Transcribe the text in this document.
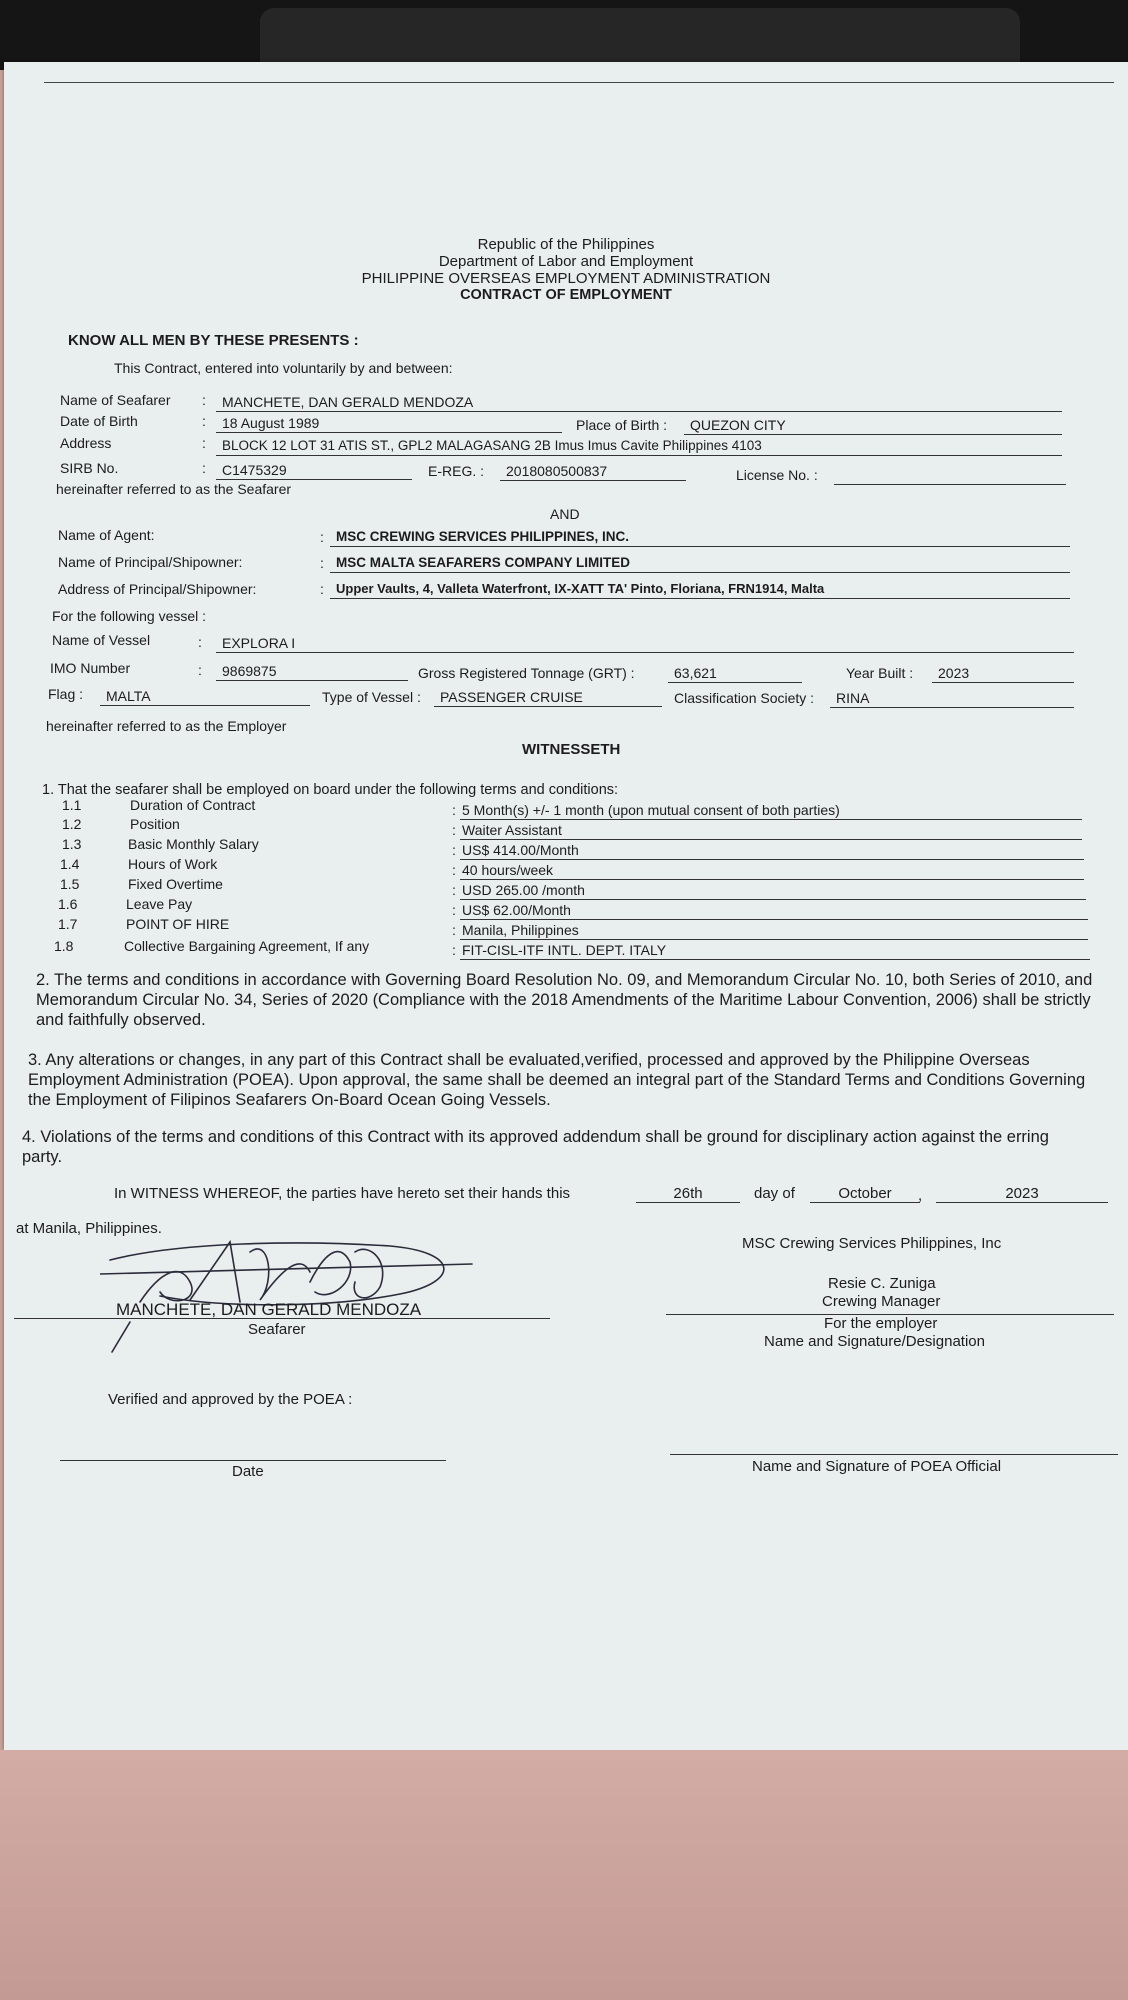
Republic of the Philippines
Department of Labor and Employment
PHILIPPINE OVERSEAS EMPLOYMENT ADMINISTRATION
CONTRACT OF EMPLOYMENT
KNOW ALL MEN BY THESE PRESENTS :
This Contract, entered into voluntarily by and between:
Name of Seafarer :	MANCHETE, DAN GERALD MENDOZA
Date of Birth	:	18 August 1989	Place of Birth :	QUEZON CITY
Address	:	BLOCK 12 LOT 31 ATIS ST., GPL2 MALAGASANG 2B Imus Imus Cavite Philippines 4103
SIRB No.	:	C1475329	E-REG. :	2018080500837	License No. :
hereinafter referred to as the Seafarer
AND
Name of Agent:	: MSC CREWING SERVICES PHILIPPINES, INC.
Name of Principal/Shipowner:	: MSC MALTA SEAFARERS COMPANY LIMITED
Address of Principal/Shipowner:	: Upper Vaults, 4, Valleta Waterfront, IX-XATT TA' Pinto, Floriana, FRN1914, Malta
For the following vessel :
Name of Vessel	:	EXPLORA I
IMO Number	:	9869875	Gross Registered Tonnage (GRT) :	63,621	Year Built :	2023
Flag :	MALTA	Type of Vessel :	PASSENGER CRUISE	Classification Society :	RINA
hereinafter referred to as the Employer
WITNESSETH
1. That the seafarer shall be employed on board under the following terms and conditions:
1.1	Duration of Contract	: 5 Month(s) +/- 1 month (upon mutual consent of both parties)
1.2	Position	: Waiter Assistant
1.3	Basic Monthly Salary	: US$ 414.00/Month
1.4	Hours of Work	: 40 hours/week
1.5	Fixed Overtime	: USD 265.00 /month
1.6	Leave Pay	: US$ 62.00/Month
1.7	POINT OF HIRE	: Manila, Philippines
1.8	Collective Bargaining Agreement, If any	: FIT-CISL-ITF INTL. DEPT. ITALY
2. The terms and conditions in accordance with Governing Board Resolution No. 09, and Memorandum Circular No. 10, both Series of 2010, and Memorandum Circular No. 34, Series of 2020 (Compliance with the 2018 Amendments of the Maritime Labour Convention, 2006) shall be strictly and faithfully observed.
3. Any alterations or changes, in any part of this Contract shall be evaluated,verified, processed and approved by the Philippine Overseas Employment Administration (POEA). Upon approval, the same shall be deemed an integral part of the Standard Terms and Conditions Governing the Employment of Filipinos Seafarers On-Board Ocean Going Vessels.
4. Violations of the terms and conditions of this Contract with its approved addendum shall be ground for disciplinary action against the erring party.
In WITNESS WHEREOF, the parties have hereto set their hands this	26th	day of	October	,	2023
at Manila, Philippines.
MANCHETE, DAN GERALD MENDOZA
Seafarer
MSC Crewing Services Philippines, Inc
Resie C. Zuniga
Crewing Manager
For the employer
Name and Signature/Designation
Verified and approved by the POEA :
Date	Name and Signature of POEA Official
